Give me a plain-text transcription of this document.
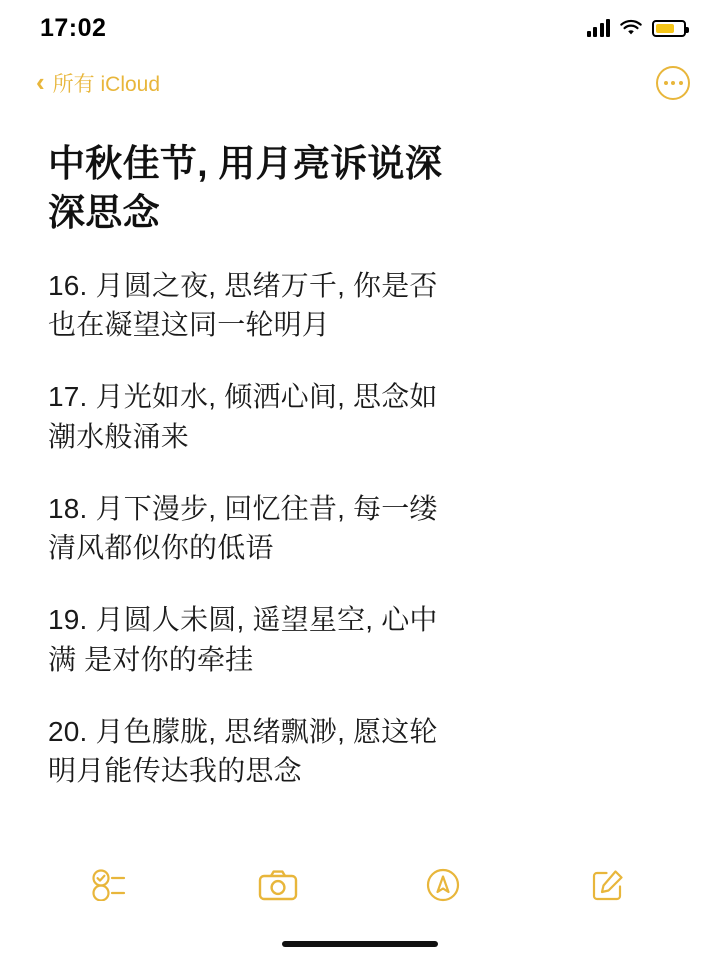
17:02
‹ 所有 iCloud
中秋佳节, 用月亮诉说深深思念
16. 月圆之夜, 思绪万千, 你是否也在凝望这同一轮明月
17. 月光如水, 倾洒心间, 思念如潮水般涌来
18. 月下漫步, 回忆往昔, 每一缕清风都似你的低语
19. 月圆人未圆, 遥望星空, 心中满 是对你的牵挂
20. 月色朦胧, 思绪飘渺, 愿这轮明月能传达我的思念
